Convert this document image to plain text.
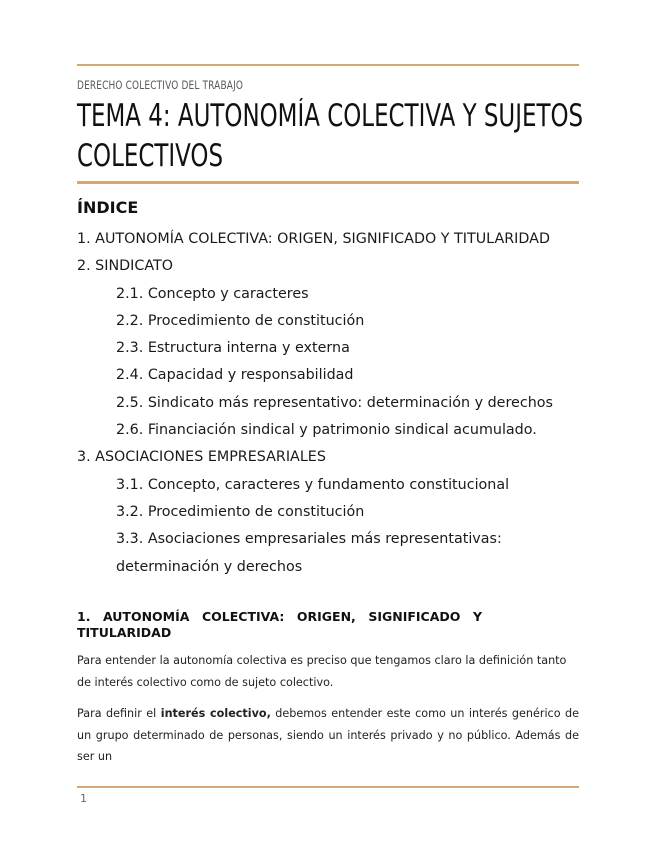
DERECHO COLECTIVO DEL TRABAJO
TEMA 4: AUTONOMÍA COLECTIVA Y SUJETOS COLECTIVOS
ÍNDICE
1. AUTONOMÍA COLECTIVA: ORIGEN, SIGNIFICADO Y TITULARIDAD
2. SINDICATO
2.1. Concepto y caracteres
2.2. Procedimiento de constitución
2.3. Estructura interna y externa
2.4. Capacidad y responsabilidad
2.5. Sindicato más representativo: determinación y derechos
2.6. Financiación sindical y patrimonio sindical acumulado.
3. ASOCIACIONES EMPRESARIALES
3.1. Concepto, caracteres y fundamento constitucional
3.2. Procedimiento de constitución
3.3. Asociaciones empresariales más representativas: determinación y derechos
1. AUTONOMÍA COLECTIVA: ORIGEN, SIGNIFICADO Y TITULARIDAD

Para entender la autonomía colectiva es preciso que tengamos claro la definición tanto de interés colectivo como de sujeto colectivo.

Para definir el interés colectivo, debemos entender este como un interés genérico de un grupo determinado de personas, siendo un interés privado y no público. Además de ser un

1
